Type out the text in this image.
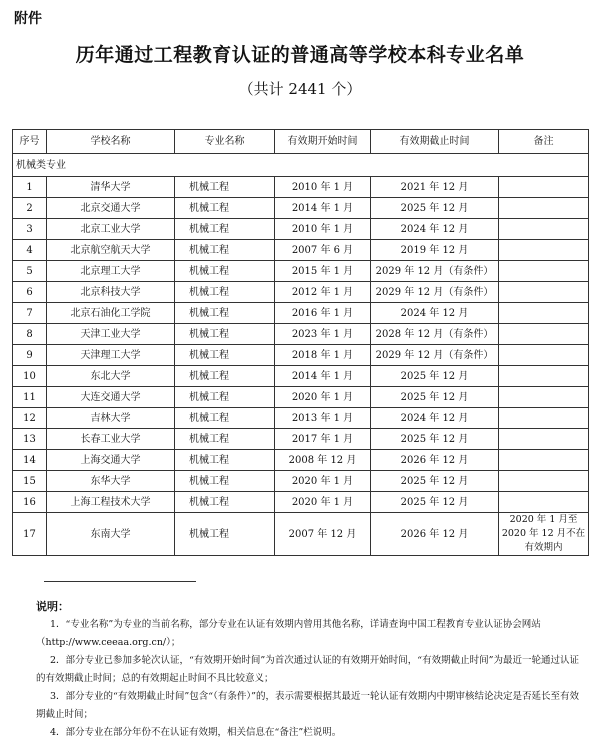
附件
历年通过工程教育认证的普通高等学校本科专业名单
（共计 2441 个）
序号	学校名称	专业名称	有效期开始时间	有效期截止时间	备注
机械类专业					
1	清华大学	机械工程	2010 年 1 月	2021 年 12 月	
2	北京交通大学	机械工程	2014 年 1 月	2025 年 12 月	
3	北京工业大学	机械工程	2010 年 1 月	2024 年 12 月	
4	北京航空航天大学	机械工程	2007 年 6 月	2019 年 12 月	
5	北京理工大学	机械工程	2015 年 1 月	2029 年 12 月（有条件）	
6	北京科技大学	机械工程	2012 年 1 月	2029 年 12 月（有条件）	
7	北京石油化工学院	机械工程	2016 年 1 月	2024 年 12 月	
8	天津工业大学	机械工程	2023 年 1 月	2028 年 12 月（有条件）	
9	天津理工大学	机械工程	2018 年 1 月	2029 年 12 月（有条件）	
10	东北大学	机械工程	2014 年 1 月	2025 年 12 月	
11	大连交通大学	机械工程	2020 年 1 月	2025 年 12 月	
12	吉林大学	机械工程	2013 年 1 月	2024 年 12 月	
13	长春工业大学	机械工程	2017 年 1 月	2025 年 12 月	
14	上海交通大学	机械工程	2008 年 12 月	2026 年 12 月	
15	东华大学	机械工程	2020 年 1 月	2025 年 12 月	
16	上海工程技术大学	机械工程	2020 年 1 月	2025 年 12 月	
17	东南大学	机械工程	2007 年 12 月	2026 年 12 月	2020 年 1 月至 2020 年 12 月不在有效期内
说明：

1．“专业名称”为专业的当前名称，部分专业在认证有效期内曾用其他名称，详请查询中国工程教育专业认证协会网站（http://www.ceeaa.org.cn/）；

2．部分专业已参加多轮次认证，“有效期开始时间”为首次通过认证的有效期开始时间，“有效期截止时间”为最近一轮通过认证的有效期截止时间；总的有效期起止时间不具比较意义；

3．部分专业的“有效期截止时间”包含“（有条件）”的，表示需要根据其最近一轮认证有效期内中期审核结论决定是否延长至有效期截止时间；

4．部分专业在部分年份不在认证有效期，相关信息在“备注”栏说明。
